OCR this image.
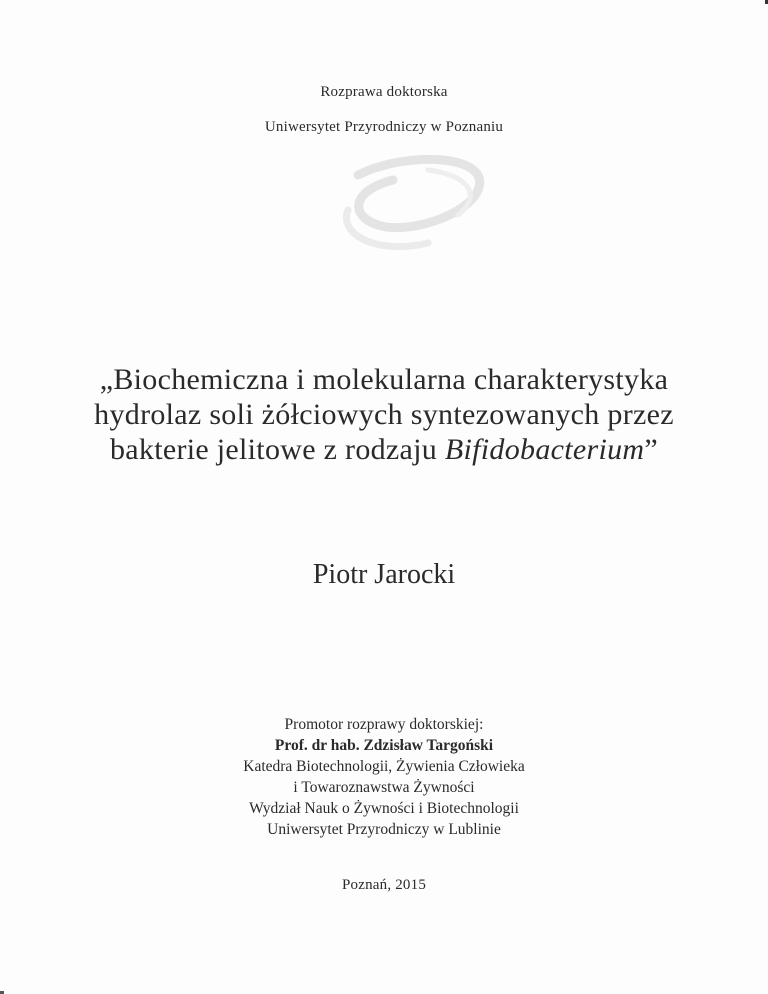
Rozprawa doktorska
Uniwersytet Przyrodniczy w Poznaniu
„Biochemiczna i molekularna charakterystyka
hydrolaz soli żółciowych syntezowanych przez
bakterie jelitowe z rodzaju Bifidobacterium”
Piotr Jarocki
Promotor rozprawy doktorskiej:
Prof. dr hab. Zdzisław Targoński
Katedra Biotechnologii, Żywienia Człowieka
i Towaroznawstwa Żywności
Wydział Nauk o Żywności i Biotechnologii
Uniwersytet Przyrodniczy w Lublinie
Poznań, 2015
